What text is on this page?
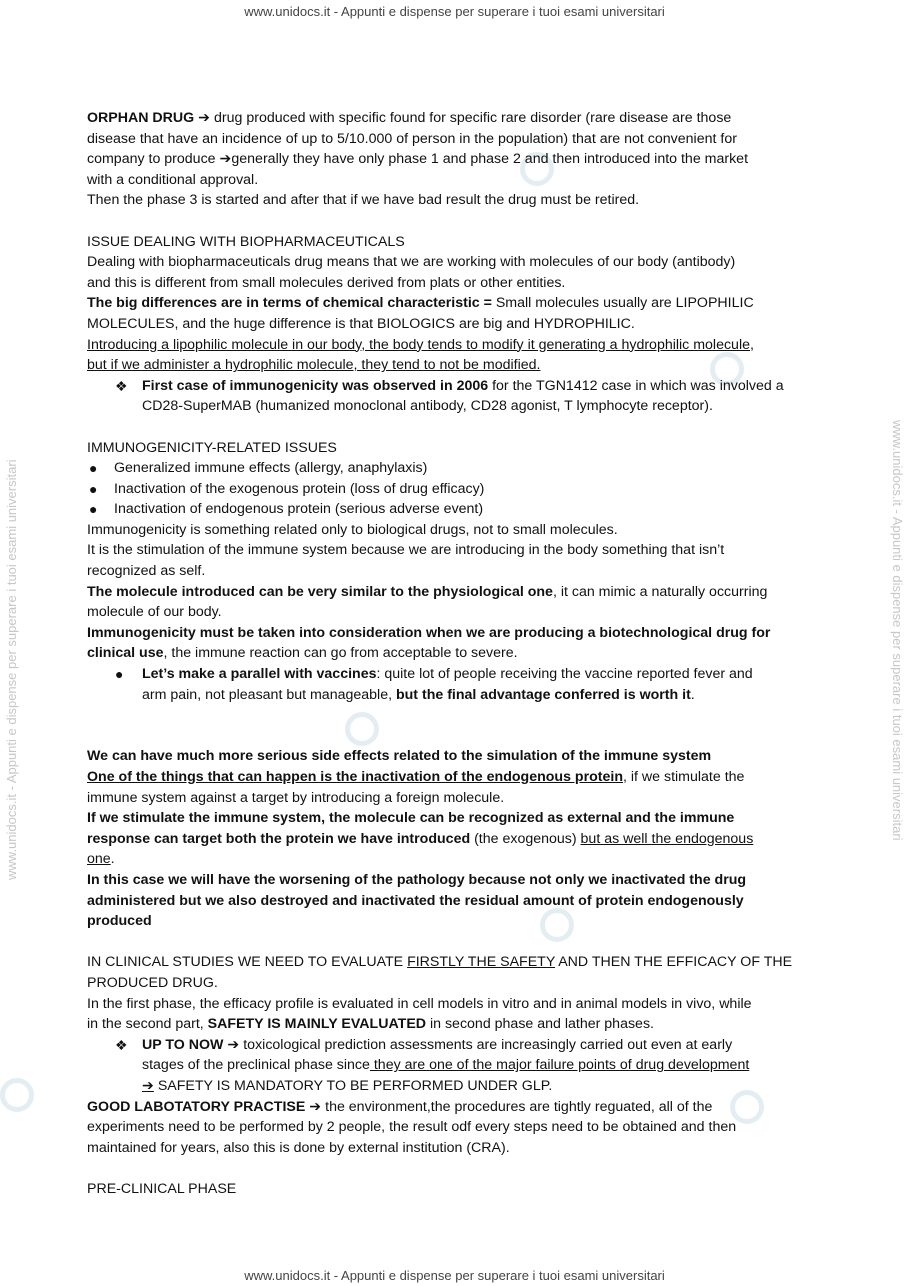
www.unidocs.it - Appunti e dispense per superare i tuoi esami universitari
www.unidocs.it - Appunti e dispense per superare i tuoi esami universitari
www.unidocs.it - Appunti e dispense per superare i tuoi esami universitari	www.unidocs.it - Appunti e dispense per superare i tuoi esami universitari

ORPHAN DRUG ➔ drug produced with specific found for specific rare disorder (rare disease are those

disease that have an incidence of up to 5/10.000 of person in the population) that are not convenient for

company to produce ➔generally they have only phase 1 and phase 2 and then introduced into the market

with a conditional approval.

Then the phase 3 is started and after that if we have bad result the drug must be retired.

ISSUE DEALING WITH BIOPHARMACEUTICALS

Dealing with biopharmaceuticals drug means that we are working with molecules of our body (antibody)

and this is different from small molecules derived from plats or other entities.

The big differences are in terms of chemical characteristic = Small molecules usually are LIPOPHILIC

MOLECULES, and the huge difference is that BIOLOGICS are big and HYDROPHILIC.

Introducing a lipophilic molecule in our body, the body tends to modify it generating a hydrophilic molecule,

but if we administer a hydrophilic molecule, they tend to not be modified.

❖ First case of immunogenicity was observed in 2006 for the TGN1412 case in which was involved a

CD28-SuperMAB (humanized monoclonal antibody, CD28 agonist, T lymphocyte receptor).

IMMUNOGENICITY-RELATED ISSUES

● Generalized immune effects (allergy, anaphylaxis)

● Inactivation of the exogenous protein (loss of drug efficacy)

● Inactivation of endogenous protein (serious adverse event)

Immunogenicity is something related only to biological drugs, not to small molecules.

It is the stimulation of the immune system because we are introducing in the body something that isn’t

recognized as self.

The molecule introduced can be very similar to the physiological one, it can mimic a naturally occurring

molecule of our body.

Immunogenicity must be taken into consideration when we are producing a biotechnological drug for

clinical use, the immune reaction can go from acceptable to severe.

● Let’s make a parallel with vaccines: quite lot of people receiving the vaccine reported fever and

arm pain, not pleasant but manageable, but the final advantage conferred is worth it.

We can have much more serious side effects related to the simulation of the immune system

One of the things that can happen is the inactivation of the endogenous protein, if we stimulate the

immune system against a target by introducing a foreign molecule.

If we stimulate the immune system, the molecule can be recognized as external and the immune

response can target both the protein we have introduced (the exogenous) but as well the endogenous

one.

In this case we will have the worsening of the pathology because not only we inactivated the drug

administered but we also destroyed and inactivated the residual amount of protein endogenously

produced

IN CLINICAL STUDIES WE NEED TO EVALUATE FIRSTLY THE SAFETY AND THEN THE EFFICACY OF THE

PRODUCED DRUG.

In the first phase, the efficacy profile is evaluated in cell models in vitro and in animal models in vivo, while

in the second part, SAFETY IS MAINLY EVALUATED in second phase and lather phases.

❖ UP TO NOW ➔ toxicological prediction assessments are increasingly carried out even at early

stages of the preclinical phase since they are one of the major failure points of drug development

➔ SAFETY IS MANDATORY TO BE PERFORMED UNDER GLP.

GOOD LABOTATORY PRACTISE ➔ the environment,the procedures are tightly reguated, all of the

experiments need to be performed by 2 people, the result odf every steps need to be obtained and then

maintained for years, also this is done by external institution (CRA).

PRE-CLINICAL PHASE
